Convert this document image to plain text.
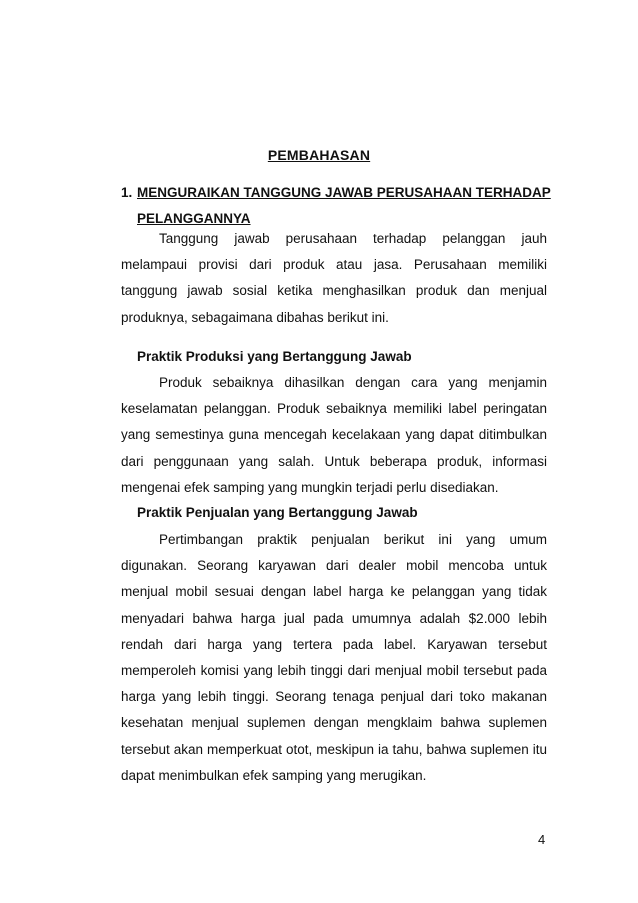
PEMBAHASAN
1. MENGURAIKAN TANGGUNG JAWAB PERUSAHAAN TERHADAP
PELANGGANNYA

Tanggung jawab perusahaan terhadap pelanggan jauh melampaui provisi dari produk atau jasa. Perusahaan memiliki tanggung jawab sosial ketika menghasilkan produk dan menjual produknya, sebagaimana dibahas berikut ini.

Praktik Produksi yang Bertanggung Jawab

Produk sebaiknya dihasilkan dengan cara yang menjamin keselamatan pelanggan. Produk sebaiknya memiliki label peringatan yang semestinya guna mencegah kecelakaan yang dapat ditimbulkan dari penggunaan yang salah. Untuk beberapa produk, informasi mengenai efek samping yang mungkin terjadi perlu disediakan.

Praktik Penjualan yang Bertanggung Jawab

Pertimbangan praktik penjualan berikut ini yang umum digunakan. Seorang karyawan dari dealer mobil mencoba untuk menjual mobil sesuai dengan label harga ke pelanggan yang tidak menyadari bahwa harga jual pada umumnya adalah $2.000 lebih rendah dari harga yang tertera pada label. Karyawan tersebut memperoleh komisi yang lebih tinggi dari menjual mobil tersebut pada harga yang lebih tinggi. Seorang tenaga penjual dari toko makanan kesehatan menjual suplemen dengan mengklaim bahwa suplemen tersebut akan memperkuat otot, meskipun ia tahu, bahwa suplemen itu dapat menimbulkan efek samping yang merugikan.

4
